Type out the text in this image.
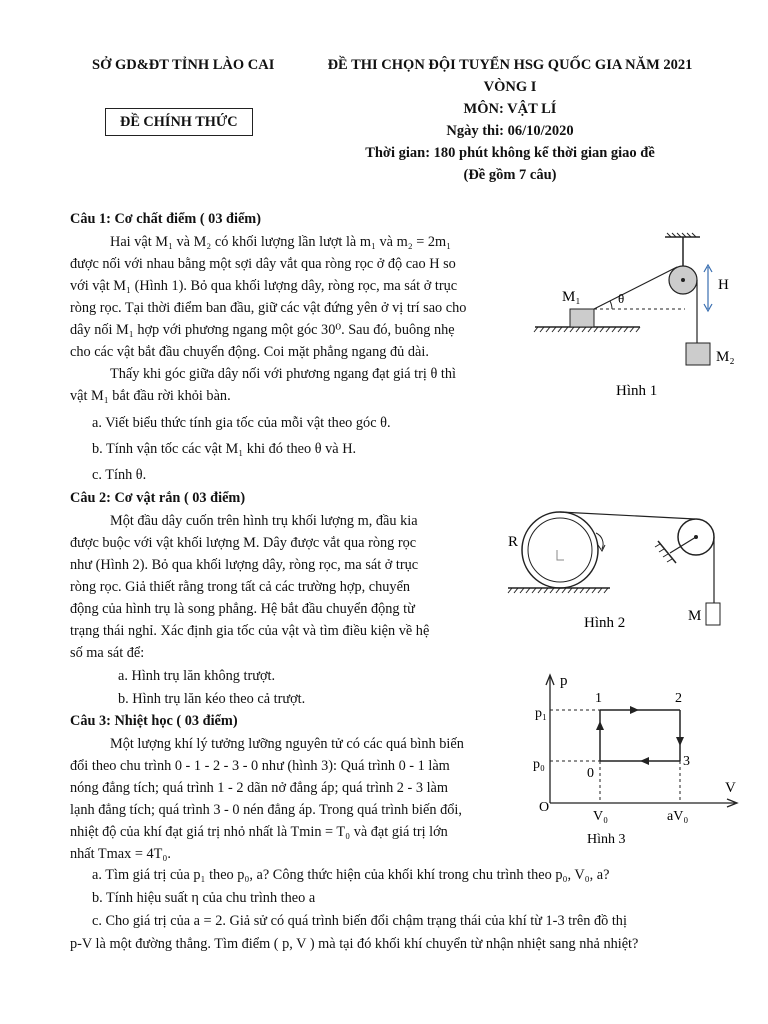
SỞ GD&ĐT TỈNH LÀO CAI	ĐỀ THI CHỌN ĐỘI TUYỂN HSG QUỐC GIA NĂM 2021
VÒNG I
MÔN: VẬT LÍ
ĐỀ CHÍNH THỨC
Ngày thi: 06/10/2020
Thời gian: 180 phút không kể thời gian giao đề
(Đề gồm 7 câu)
Câu 1: Cơ chất điểm ( 03 điểm)
Hai vật M₁ và M₂ có khối lượng lần lượt là m₁ và m₂ = 2m₁
được nối với nhau bằng một sợi dây vắt qua ròng rọc ở độ cao H so
với vật M₁ (Hình 1). Bỏ qua khối lượng dây, ròng rọc, ma sát ở trục
ròng rọc. Tại thời điểm ban đầu, giữ các vật đứng yên ở vị trí sao cho
dây nối M₁ hợp với phương ngang một góc 30⁰. Sau đó, buông nhẹ
cho các vật bắt đầu chuyển động. Coi mặt phẳng ngang đủ dài.
Thấy khi góc giữa dây nối với phương ngang đạt giá trị θ thì
vật M₁ bắt đầu rời khỏi bàn.
a. Viết biểu thức tính gia tốc của mỗi vật theo góc θ.
b. Tính vận tốc các vật M₁ khi đó theo θ và H.
c. Tính θ.
Câu 2: Cơ vật rắn ( 03 điểm)
Một đầu dây cuốn trên hình trụ khối lượng m, đầu kia
được buộc với vật khối lượng M. Dây được vắt qua ròng rọc
như (Hình 2). Bỏ qua khối lượng dây, ròng rọc, ma sát ở trục
ròng rọc. Giả thiết rằng trong tất cả các trường hợp, chuyển
động của hình trụ là song phẳng. Hệ bắt đầu chuyển động từ
trạng thái nghỉ. Xác định gia tốc của vật và tìm điều kiện về hệ
số ma sát để:
a. Hình trụ lăn không trượt.
b. Hình trụ lăn kéo theo cả trượt.
Câu 3: Nhiệt học ( 03 điểm)
Một lượng khí lý tưởng lưỡng nguyên tử có các quá bình biến
đổi theo chu trình 0 - 1 - 2 - 3 - 0 như (hình 3): Quá trình 0 - 1 làm
nóng đẳng tích; quá trình 1 - 2 dãn nở đẳng áp; quá trình 2 - 3 làm
lạnh đẳng tích; quá trình 3 - 0 nén đẳng áp. Trong quá trình biến đổi,
nhiệt độ của khí đạt giá trị nhỏ nhất là Tmin = T₀ và đạt giá trị lớn
nhất Tmax = 4T₀.
a. Tìm giá trị của p₁ theo p₀, a? Công thức hiện của khối khí trong chu trình theo p₀, V₀, a?
b. Tính hiệu suất η của chu trình theo a
c. Cho giá trị của a = 2. Giả sử có quá trình biến đổi chậm trạng thái của khí từ 1-3 trên đồ thị
p-V là một đường thẳng. Tìm điểm ( p, V ) mà tại đó khối khí chuyển từ nhận nhiệt sang nhả nhiệt?
H
θ
M₁
M₂
Hình 1
R
M
Hình 2
p
V
O
p₁
p₀
V₀	aV₀
0
1	2
3
Hình 3
